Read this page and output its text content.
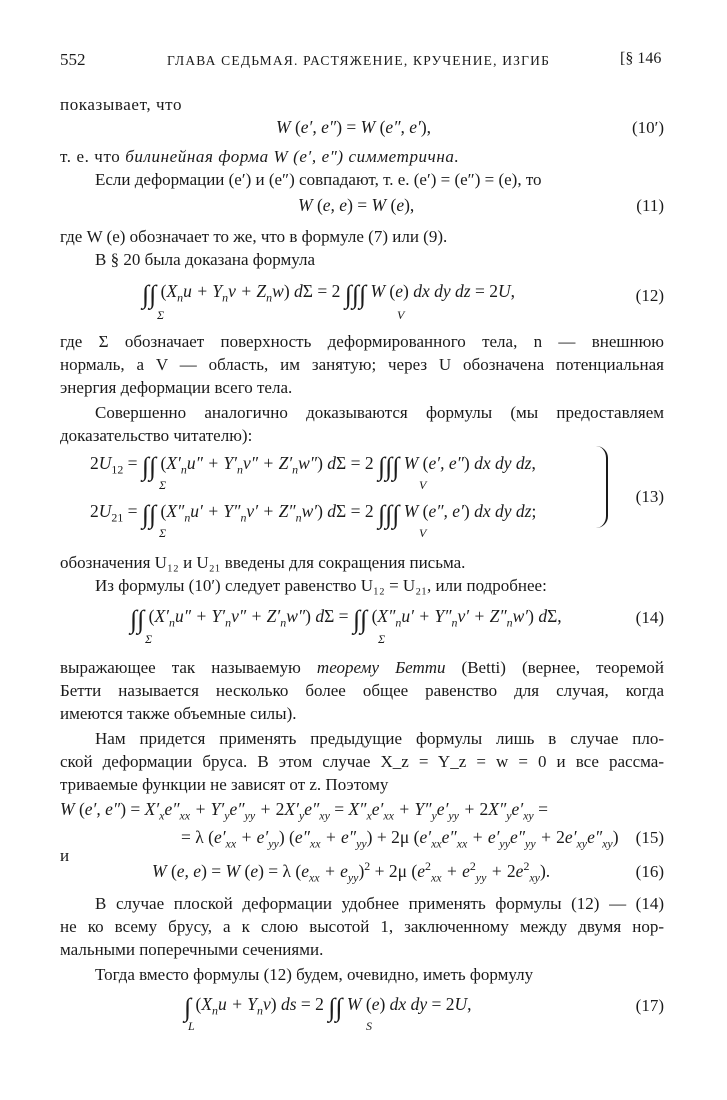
552	ГЛАВА СЕДЬМАЯ. РАСТЯЖЕНИЕ, КРУЧЕНИЕ, ИЗГИБ	[§ 146
показывает, что
W (e′, e″) = W (e″, e′),	(10′)
т. е. что билинейная форма W (e′, e″) симметрична.
Если деформации (e′) и (e″) совпадают, т. е. (e′) = (e″) = (e), то
W (e, e) = W (e),	(11)
где W (e) обозначает то же, что в формуле (7) или (9).
В § 20 была доказана формула
∫∫ $(X_nu + Y_nv + Z_nw) d\Sigma = 2$ ∫∫∫ W (e) dx dy dz = 2U,
Σ	V
(12)
где Σ обозначает поверхность деформированного тела, n — внешнюю
нормаль, а V — область, им занятую; через U обозначена потенциальная
энергия деформации всего тела.
Совершенно аналогично доказываются формулы (мы предоставляем
доказательство читателю):
$2U_{12}$ = ∫∫ $(X'_nu'' + Y'_nv'' + Z'_nw'') d\Sigma = 2$ ∫∫∫ W (e′, e″) dx dy dz,
Σ	V
$2U_{21}$ = ∫∫ $(X''_nu' + Y''_nv' + Z''_nw') d\Sigma = 2$ ∫∫∫ W (e″, e′) dx dy dz;
Σ	V
(13)
обозначения U₁₂ и U₂₁ введены для сокращения письма.
Из формулы (10′) следует равенство U₁₂ = U₂₁, или подробнее:
∫∫ $(X'_nu'' + Y'_nv'' + Z'_nw'') d\Sigma$ = ∫∫ $(X''_nu' + Y''_nv' + Z''_nw')$ dΣ,
Σ	Σ
(14)
выражающее так называемую теорему Бетти (Betti) (вернее, теоремой
Бетти называется несколько более общее равенство для случая, когда
имеются также объемные силы).
Нам придется применять предыдущие формулы лишь в случае пло-
ской деформации бруса. В этом случае X_z = Y_z = w = 0 и все рассма-
триваемые функции не зависят от z. Поэтому
W (e′, $e'') = X'_xe''_{xx} + Y'_ye''_{yy} + 2X'_ye''_{xy} = X''_xe'_{xx} + Y''_ye'_{yy} + 2X''_ye'_{xy}$ =
= λ $(e'_{xx} + e'_{yy}) (e''_{xx} + e''_{yy}) + 2\mu$ $(e'_{xx}e''_{xx} + e'_{yy}e''_{yy} + 2e'_{xy}e''_{xy})$ (15)
и
W (e, e) = W (e) = λ $(e_{xx} + e_{yy})^2 + 2\mu$ $(e^2_{xx} + e^2_{yy} + 2e^2_{xy})$.	(16)
В случае плоской деформации удобнее применять формулы (12) — (14)
не ко всему брусу, а к слою высотой 1, заключенному между двумя нор-
мальными поперечными сечениями.
Тогда вместо формулы (12) будем, очевидно, иметь формулу
∫ $(X_nu + Y_nv)$ ds = 2 ∫∫ W (e) dx dy = 2U,
L	S
(17)
